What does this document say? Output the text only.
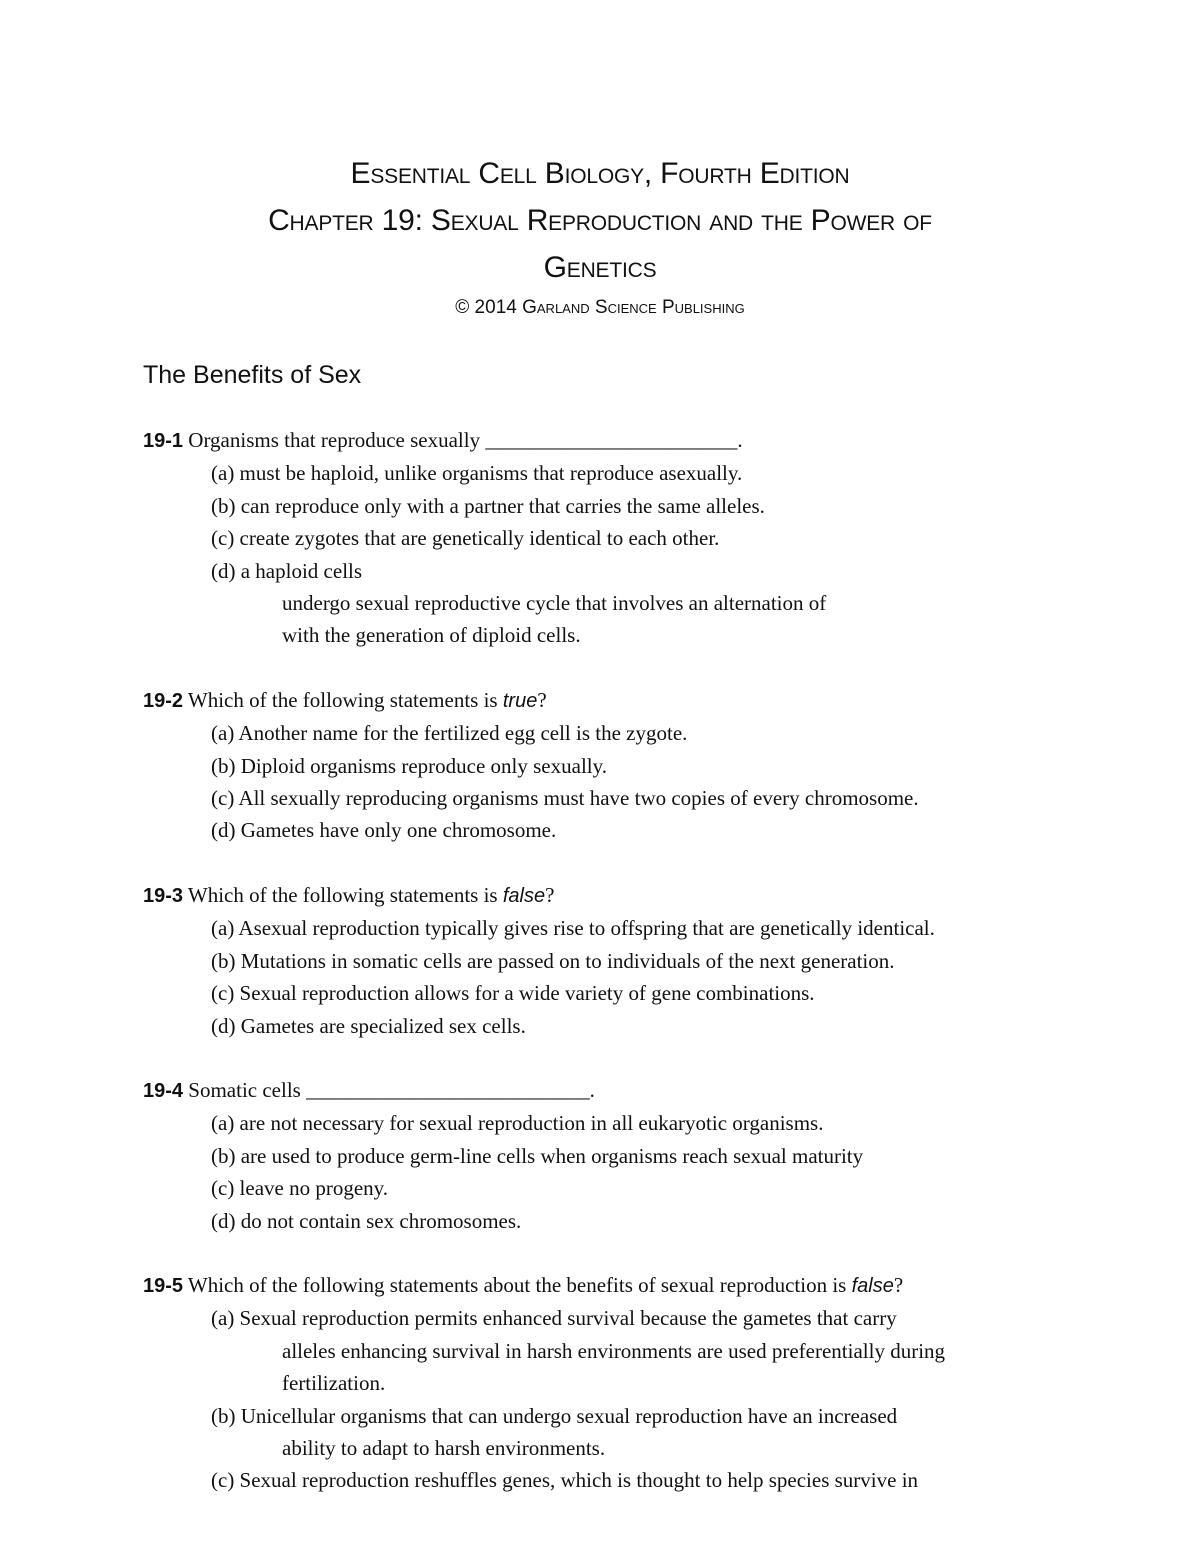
Essential Cell Biology, Fourth Edition
Chapter 19: Sexual Reproduction and the Power of
Genetics
© 2014 Garland Science Publishing
The Benefits of Sex
19-1 Organisms that reproduce sexually ________________________.
(a) must be haploid, unlike organisms that reproduce asexually.
(b) can reproduce only with a partner that carries the same alleles.
(c) create zygotes that are genetically identical to each other.
(d) a haploid cells
undergo sexual reproductive cycle that involves an alternation of
with the generation of diploid cells.
19-2 Which of the following statements is true?
(a) Another name for the fertilized egg cell is the zygote.
(b) Diploid organisms reproduce only sexually.
(c) All sexually reproducing organisms must have two copies of every chromosome.
(d) Gametes have only one chromosome.
19-3 Which of the following statements is false?
(a) Asexual reproduction typically gives rise to offspring that are genetically identical.
(b) Mutations in somatic cells are passed on to individuals of the next generation.
(c) Sexual reproduction allows for a wide variety of gene combinations.
(d) Gametes are specialized sex cells.
19-4 Somatic cells ___________________________.
(a) are not necessary for sexual reproduction in all eukaryotic organisms.
(b) are used to produce germ-line cells when organisms reach sexual maturity
(c) leave no progeny.
(d) do not contain sex chromosomes.
19-5 Which of the following statements about the benefits of sexual reproduction is false?
(a) Sexual reproduction permits enhanced survival because the gametes that carry
alleles enhancing survival in harsh environments are used preferentially during
fertilization.
(b) Unicellular organisms that can undergo sexual reproduction have an increased
ability to adapt to harsh environments.
(c) Sexual reproduction reshuffles genes, which is thought to help species survive in
